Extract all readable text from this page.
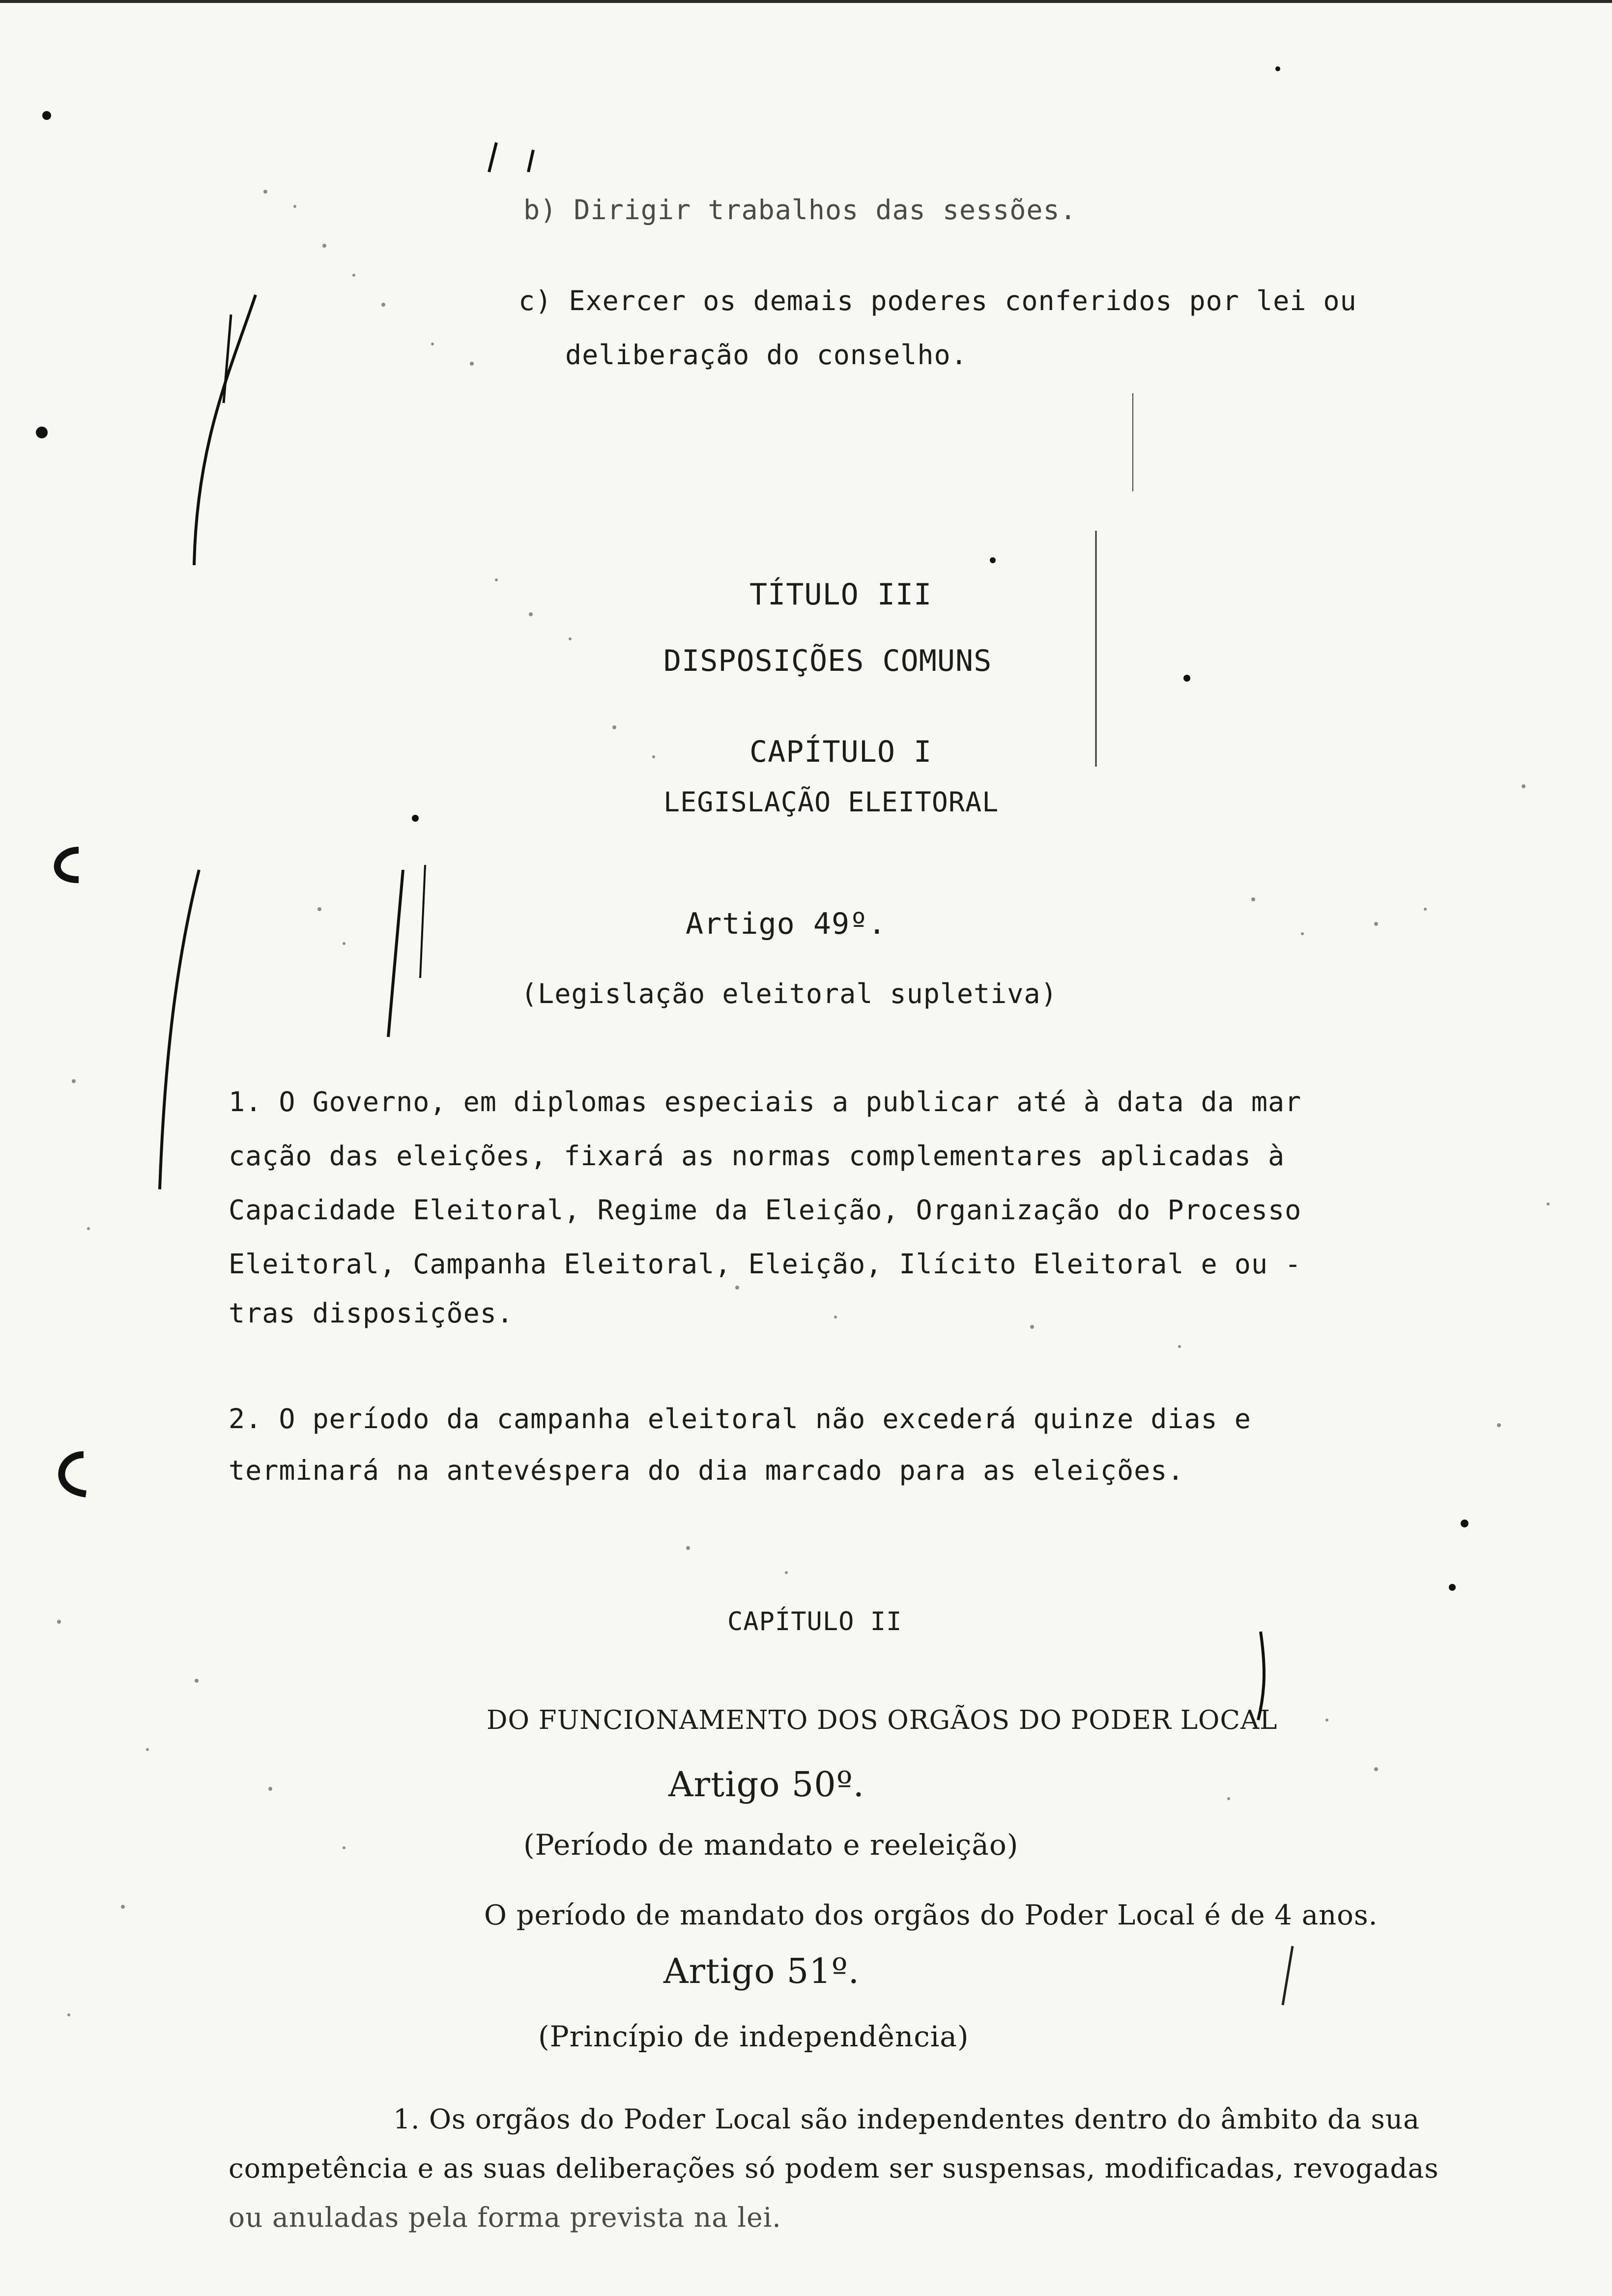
b) Dirigir trabalhos das sessões.
c) Exercer os demais poderes conferidos por lei ou
deliberação do conselho.
TÍTULO III
DISPOSIÇÕES COMUNS
CAPÍTULO I
LEGISLAÇÃO ELEITORAL
Artigo 49º.
(Legislação eleitoral supletiva)
1. O Governo, em diplomas especiais a publicar até à data da mar
cação das eleições, fixará as normas complementares aplicadas à
Capacidade Eleitoral, Regime da Eleição, Organização do Processo
Eleitoral, Campanha Eleitoral, Eleição, Ilícito Eleitoral e ou -
tras disposições.
2. O período da campanha eleitoral não excederá quinze dias e
terminará na antevéspera do dia marcado para as eleições.
CAPÍTULO II
DO FUNCIONAMENTO DOS ORGÃOS DO PODER LOCAL
Artigo 50º.
(Período de mandato e reeleição)
O período de mandato dos orgãos do Poder Local é de 4 anos.
Artigo 51º.
(Princípio de independência)
1. Os orgãos do Poder Local são independentes dentro do âmbito da sua
competência e as suas deliberações só podem ser suspensas, modificadas, revogadas
ou anuladas pela forma prevista na lei.
